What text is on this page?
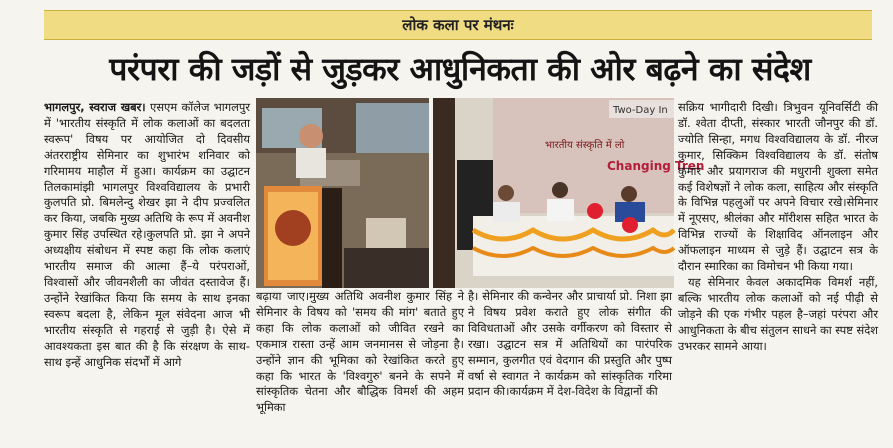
लोक कला पर मंथनः
परंपरा की जड़ों से जुड़कर आधुनिकता की ओर बढ़ने का संदेश

भागलपुर, स्वराज खबर। एसएम कॉलेज भागलपुर में 'भारतीय संस्कृति में लोक कलाओं का बदलता स्वरूप' विषय पर आयोजित दो दिवसीय अंतरराष्ट्रीय सेमिनार का शुभारंभ शनिवार को गरिमामय माहौल में हुआ। कार्यक्रम का उद्घाटन तिलकामांझी भागलपुर विश्वविद्यालय के प्रभारी कुलपति प्रो. बिमलेन्दु शेखर झा ने दीप प्रज्वलित कर किया, जबकि मुख्य अतिथि के रूप में अवनीश कुमार सिंह उपस्थित रहे।कुलपति प्रो. झा ने अपने अध्यक्षीय संबोधन में स्पष्ट कहा कि लोक कलाएं भारतीय समाज की आत्मा हैं–ये परंपराओं, विश्वासों और जीवनशैली का जीवंत दस्तावेज हैं। उन्होंने रेखांकित किया कि समय के साथ इनका स्वरूप बदला है, लेकिन मूल संवेदना आज भी भारतीय संस्कृति से गहराई से जुड़ी है। ऐसे में आवश्यकता इस बात की है कि संरक्षण के साथ-साथ इन्हें आधुनिक संदर्भों में आगे

Two-Day In
भारतीय संस्कृति में लो
Changing Tren

बढ़ाया जाए।मुख्य अतिथि अवनीश कुमार सिंह ने सेमिनार के विषय को 'समय की मांग' बताते हुए कहा कि लोक कलाओं को जीवित रखने का एकमात्र रास्ता उन्हें आम जनमानस से जोड़ना है। उन्होंने ज्ञान की भूमिका को रेखांकित करते हुए कहा कि भारत के 'विश्वगुरु' बनने के सपने में सांस्कृतिक चेतना और बौद्धिक विमर्श की अहम भूमिका

है। सेमिनार की कन्वेनर और प्राचार्या प्रो. निशा झा ने विषय प्रवेश कराते हुए लोक संगीत की विविधताओं और उसके वर्गीकरण को विस्तार से रखा। उद्घाटन सत्र में अतिथियों का पारंपरिक सम्मान, कुलगीत एवं वेदगान की प्रस्तुति और पुष्प वर्षा से स्वागत ने कार्यक्रम को सांस्कृतिक गरिमा प्रदान की।कार्यक्रम में देश-विदेश के विद्वानों की

सक्रिय भागीदारी दिखी। त्रिभुवन यूनिवर्सिटी की डॉ. श्वेता दीप्ती, संस्कार भारती जौनपुर की डॉ. ज्योति सिन्हा, मगध विश्वविद्यालय के डॉ. नीरज कुमार, सिक्किम विश्वविद्यालय के डॉ. संतोष कुमार और प्रयागराज की मधुरानी शुक्ला समेत कई विशेषज्ञों ने लोक कला, साहित्य और संस्कृति के विभिन्न पहलुओं पर अपने विचार रखे।सेमिनार में नूएसए, श्रीलंका और मॉरीशस सहित भारत के विभिन्न राज्यों के शिक्षाविद ऑनलाइन और ऑफलाइन माध्यम से जुड़े हैं। उद्घाटन सत्र के दौरान स्मारिका का विमोचन भी किया गया।

यह सेमिनार केवल अकादमिक विमर्श नहीं, बल्कि भारतीय लोक कलाओं को नई पीढ़ी से जोड़ने की एक गंभीर पहल है–जहां परंपरा और आधुनिकता के बीच संतुलन साधने का स्पष्ट संदेश उभरकर सामने आया।
